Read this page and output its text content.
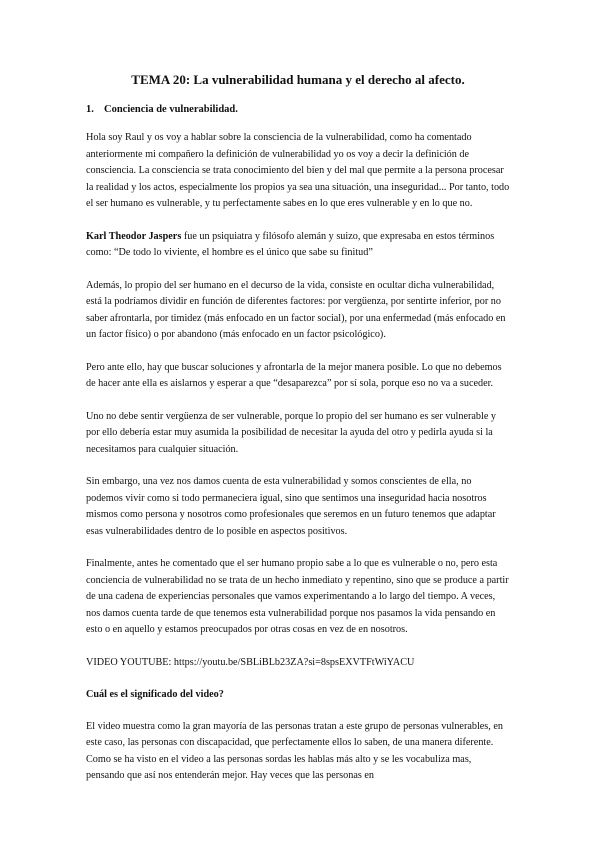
TEMA 20: La vulnerabilidad humana y el derecho al afecto.
1. Conciencia de vulnerabilidad.

Hola soy Raul y os voy a hablar sobre la consciencia de la vulnerabilidad, como ha comentado anteriormente mi compañero la definición de vulnerabilidad yo os voy a decir la definición de consciencia. La consciencia se trata conocimiento del bien y del mal que permite a la persona procesar la realidad y los actos, especialmente los propios ya sea una situación, una inseguridad... Por tanto, todo el ser humano es vulnerable, y tu perfectamente sabes en lo que eres vulnerable y en lo que no.

Karl Theodor Jaspers fue un psiquiatra y filósofo alemán y suizo, que expresaba en estos términos como: “De todo lo viviente, el hombre es el único que sabe su finitud”

Además, lo propio del ser humano en el decurso de la vida, consiste en ocultar dicha vulnerabilidad, está la podríamos dividir en función de diferentes factores: por vergüenza, por sentirte inferior, por no saber afrontarla, por timidez (más enfocado en un factor social), por una enfermedad (más enfocado en un factor físico) o por abandono (más enfocado en un factor psicológico).

Pero ante ello, hay que buscar soluciones y afrontarla de la mejor manera posible. Lo que no debemos de hacer ante ella es aislarnos y esperar a que “desaparezca” por sí sola, porque eso no va a suceder.

Uno no debe sentir vergüenza de ser vulnerable, porque lo propio del ser humano es ser vulnerable y por ello debería estar muy asumida la posibilidad de necesitar la ayuda del otro y pedirla ayuda si la necesitamos para cualquier situación.

Sin embargo, una vez nos damos cuenta de esta vulnerabilidad y somos conscientes de ella, no podemos vivir como si todo permaneciera igual, sino que sentimos una inseguridad hacia nosotros mismos como persona y nosotros como profesionales que seremos en un futuro tenemos que adaptar esas vulnerabilidades dentro de lo posible en aspectos positivos.

Finalmente, antes he comentado que el ser humano propio sabe a lo que es vulnerable o no, pero esta conciencia de vulnerabilidad no se trata de un hecho inmediato y repentino, sino que se produce a partir de una cadena de experiencias personales que vamos experimentando a lo largo del tiempo. A veces, nos damos cuenta tarde de que tenemos esta vulnerabilidad porque nos pasamos la vida pensando en esto o en aquello y estamos preocupados por otras cosas en vez de en nosotros.

VIDEO YOUTUBE: https://youtu.be/SBLiBLb23ZA?si=8spsEXVTFtWiYACU

Cuál es el significado del video?

El video muestra como la gran mayoría de las personas tratan a este grupo de personas vulnerables, en este caso, las personas con discapacidad, que perfectamente ellos lo saben, de una manera diferente. Como se ha visto en el video a las personas sordas les hablas más alto y se les vocabuliza mas, pensando que así nos entenderán mejor. Hay veces que las personas en
